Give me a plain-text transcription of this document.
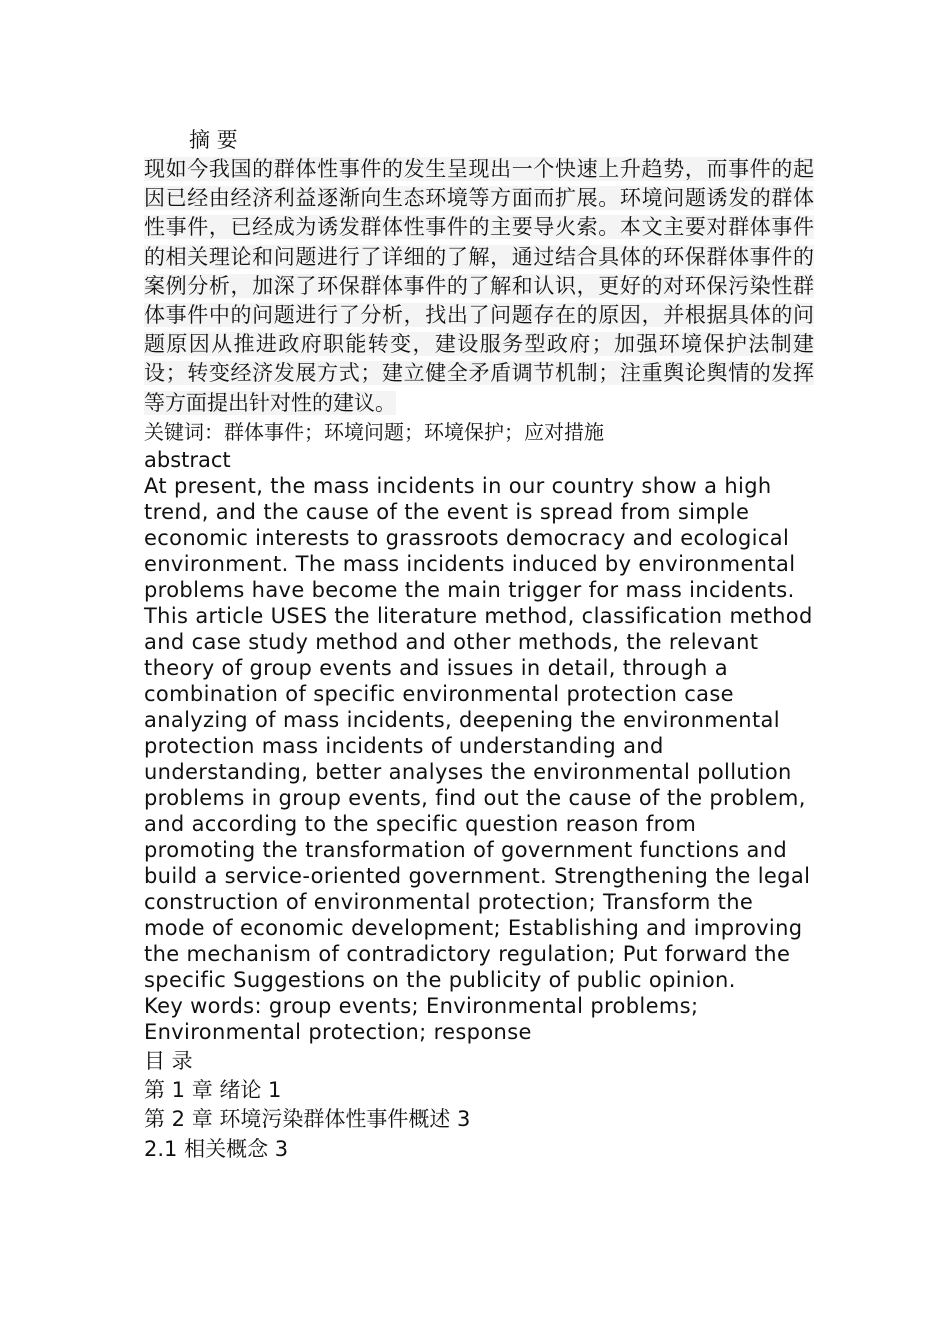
摘 要

现如今我国的群体性事件的发生呈现出一个快速上升趋势，而事件的起因已经由经济利益逐渐向生态环境等方面而扩展。环境问题诱发的群体性事件，已经成为诱发群体性事件的主要导火索。本文主要对群体事件的相关理论和问题进行了详细的了解，通过结合具体的环保群体事件的案例分析，加深了环保群体事件的了解和认识，更好的对环保污染性群体事件中的问题进行了分析，找出了问题存在的原因，并根据具体的问题原因从推进政府职能转变，建设服务型政府；加强环境保护法制建设；转变经济发展方式；建立健全矛盾调节机制；注重舆论舆情的发挥等方面提出针对性的建议。

关键词：群体事件；环境问题；环境保护；应对措施

abstract

At present, the mass incidents in our country show a high trend, and the cause of the event is spread from simple economic interests to grassroots democracy and ecological environment. The mass incidents induced by environmental problems have become the main trigger for mass incidents. This article USES the literature method, classification method and case study method and other methods, the relevant theory of group events and issues in detail, through a combination of specific environmental protection case analyzing of mass incidents, deepening the environmental protection mass incidents of understanding and understanding, better analyses the environmental pollution problems in group events, find out the cause of the problem, and according to the specific question reason from promoting the transformation of government functions and build a service-oriented government. Strengthening the legal construction of environmental protection; Transform the mode of economic development; Establishing and improving the mechanism of contradictory regulation; Put forward the specific Suggestions on the publicity of public opinion.

Key words: group events; Environmental problems; Environmental protection; response

目 录

第 1 章 绪论 1

第 2 章 环境污染群体性事件概述 3

2.1 相关概念 3
